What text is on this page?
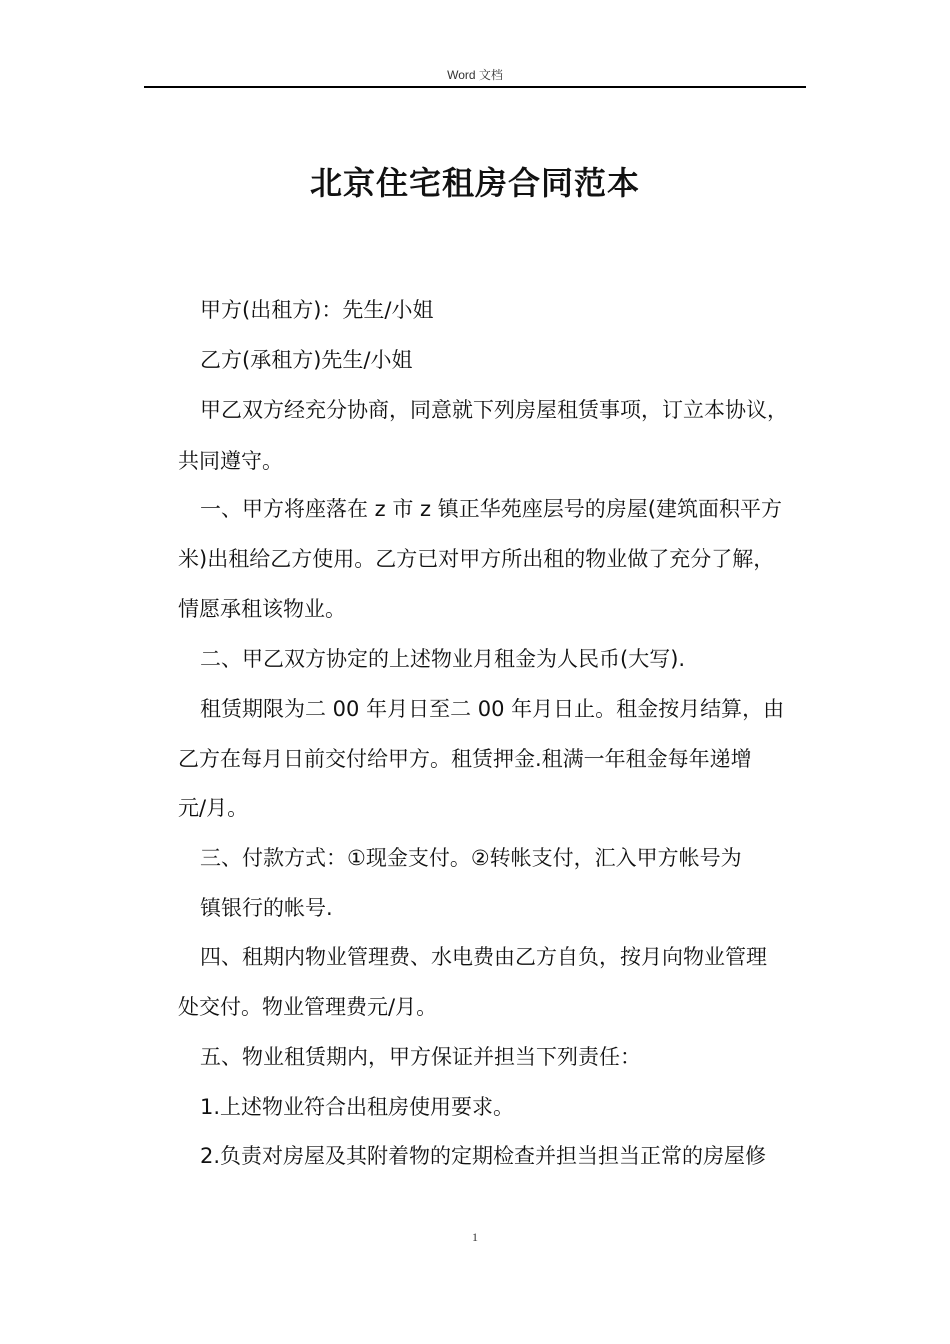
Word 文档
北京住宅租房合同范本
甲方(出租方)：先生/小姐
乙方(承租方)先生/小姐
甲乙双方经充分协商，同意就下列房屋租赁事项，订立本协议，
共同遵守。
一、甲方将座落在 z 市 z 镇正华苑座层号的房屋(建筑面积平方
米)出租给乙方使用。乙方已对甲方所出租的物业做了充分了解，
情愿承租该物业。
二、甲乙双方协定的上述物业月租金为人民币(大写).
租赁期限为二 00 年月日至二 00 年月日止。租金按月结算，由
乙方在每月日前交付给甲方。租赁押金.租满一年租金每年递增
元/月。
三、付款方式：①现金支付。②转帐支付，汇入甲方帐号为
镇银行的帐号.
四、租期内物业管理费、水电费由乙方自负，按月向物业管理
处交付。物业管理费元/月。
五、物业租赁期内，甲方保证并担当下列责任：
1.上述物业符合出租房使用要求。
2.负责对房屋及其附着物的定期检查并担当担当正常的房屋修
1
